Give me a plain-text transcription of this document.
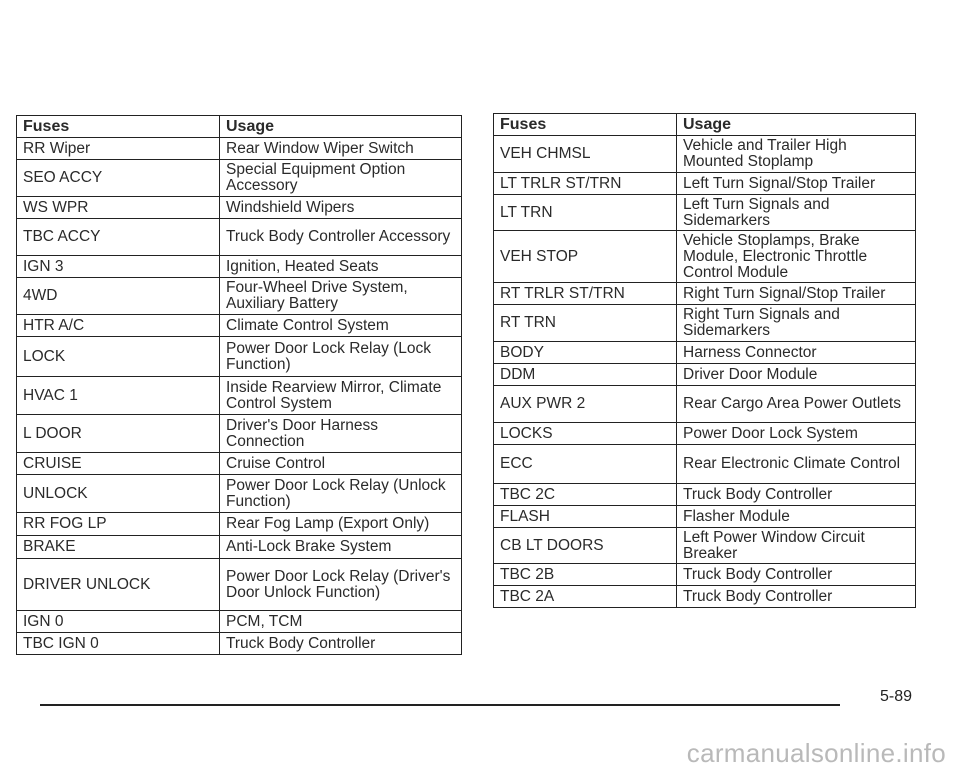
Fuses	Usage
RR Wiper	Rear Window Wiper Switch
SEO ACCY	Special Equipment Option Accessory
WS WPR	Windshield Wipers
TBC ACCY	Truck Body Controller Accessory
IGN 3	Ignition, Heated Seats
4WD	Four-Wheel Drive System, Auxiliary Battery
HTR A/C	Climate Control System
LOCK	Power Door Lock Relay (Lock Function)
HVAC 1	Inside Rearview Mirror, Climate Control System
L DOOR	Driver's Door Harness Connection
CRUISE	Cruise Control
UNLOCK	Power Door Lock Relay (Unlock Function)
RR FOG LP	Rear Fog Lamp (Export Only)
BRAKE	Anti-Lock Brake System
DRIVER UNLOCK	Power Door Lock Relay (Driver's Door Unlock Function)
IGN 0	PCM, TCM
TBC IGN 0	Truck Body Controller
Fuses	Usage
VEH CHMSL	Vehicle and Trailer High Mounted Stoplamp
LT TRLR ST/TRN	Left Turn Signal/Stop Trailer
LT TRN	Left Turn Signals and Sidemarkers
VEH STOP	Vehicle Stoplamps, Brake Module, Electronic Throttle Control Module
RT TRLR ST/TRN	Right Turn Signal/Stop Trailer
RT TRN	Right Turn Signals and Sidemarkers
BODY	Harness Connector
DDM	Driver Door Module
AUX PWR 2	Rear Cargo Area Power Outlets
LOCKS	Power Door Lock System
ECC	Rear Electronic Climate Control
TBC 2C	Truck Body Controller
FLASH	Flasher Module
CB LT DOORS	Left Power Window Circuit Breaker
TBC 2B	Truck Body Controller
TBC 2A	Truck Body Controller
5-89
carmanualsonline.info
